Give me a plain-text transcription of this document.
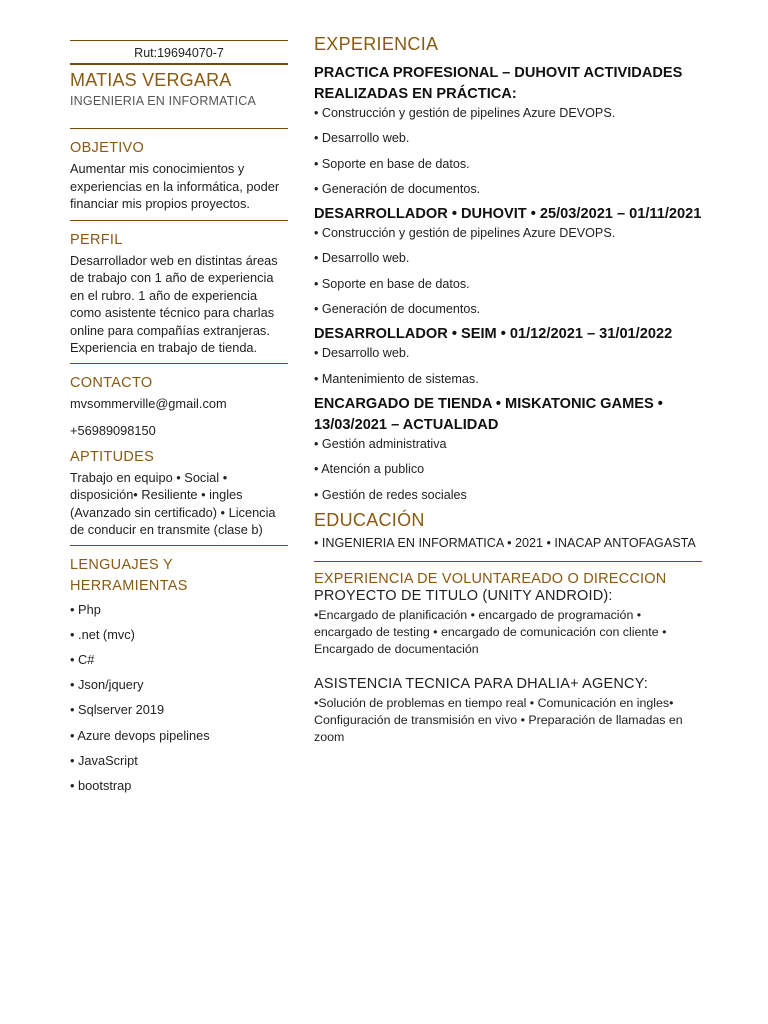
Rut:19694070-7
MATIAS VERGARA
INGENIERIA EN INFORMATICA
OBJETIVO
Aumentar mis conocimientos y experiencias en la informática, poder financiar mis propios proyectos.
PERFIL
Desarrollador web en distintas áreas de trabajo con 1 año de experiencia en el rubro. 1 año de experiencia como asistente técnico para charlas online para compañías extranjeras. Experiencia en trabajo de tienda.
CONTACTO
mvsommerville@gmail.com
+56989098150
APTITUDES
Trabajo en equipo • Social • disposición• Resiliente • ingles (Avanzado sin certificado) • Licencia de conducir en transmite (clase b)
LENGUAJES Y HERRAMIENTAS
• Php
• .net (mvc)
• C#
• Json/jquery
• Sqlserver 2019
• Azure devops pipelines
• JavaScript
• bootstrap
EXPERIENCIA
PRACTICA PROFESIONAL – DUHOVIT ACTIVIDADES REALIZADAS EN PRÁCTICA:
• Construcción y gestión de pipelines Azure DEVOPS.
• Desarrollo web.
• Soporte en base de datos.
• Generación de documentos.
DESARROLLADOR • DUHOVIT • 25/03/2021 – 01/11/2021
• Construcción y gestión de pipelines Azure DEVOPS.
• Desarrollo web.
• Soporte en base de datos.
• Generación de documentos.
DESARROLLADOR • SEIM • 01/12/2021 – 31/01/2022
• Desarrollo web.
• Mantenimiento de sistemas.
ENCARGADO DE TIENDA • MISKATONIC GAMES • 13/03/2021 – ACTUALIDAD
• Gestión administrativa
• Atención a publico
• Gestión de redes sociales
EDUCACIÓN
• INGENIERIA EN INFORMATICA • 2021 • INACAP ANTOFAGASTA
EXPERIENCIA DE VOLUNTAREADO O DIRECCION
PROYECTO DE TITULO (UNITY ANDROID):
•Encargado de planificación • encargado de programación • encargado de testing • encargado de comunicación con cliente • Encargado de documentación
ASISTENCIA TECNICA PARA DHALIA+ AGENCY:
•Solución de problemas en tiempo real • Comunicación en ingles• Configuración de transmisión en vivo • Preparación de llamadas en zoom
